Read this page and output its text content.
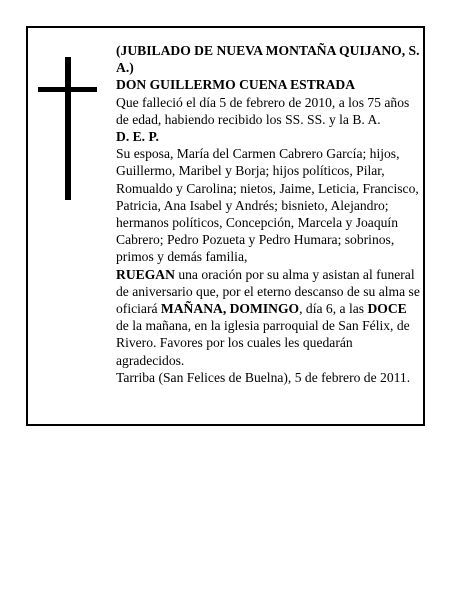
(JUBILADO DE NUEVA MONTAÑA QUIJANO, S. A.)

DON GUILLERMO CUENA ESTRADA

Que falleció el día 5 de febrero de 2010, a los 75 años de edad, habiendo recibido los SS. SS. y la B. A.

D. E. P.

Su esposa, María del Carmen Cabrero García; hijos, Guillermo, Maribel y Borja; hijos políticos, Pilar, Romualdo y Carolina; nietos, Jaime, Leticia, Francisco, Patricia, Ana Isabel y Andrés; bisnieto, Alejandro; hermanos políticos, Concepción, Marcela y Joaquín Cabrero; Pedro Pozueta y Pedro Humara; sobrinos, primos y demás familia,

RUEGAN una oración por su alma y asistan al funeral de aniversario que, por el eterno descanso de su alma se oficiará MAÑANA, DOMINGO, día 6, a las DOCE de la mañana, en la iglesia parroquial de San Félix, de Rivero. Favores por los cuales les quedarán agradecidos.

Tarriba (San Felices de Buelna), 5 de febrero de 2011.
